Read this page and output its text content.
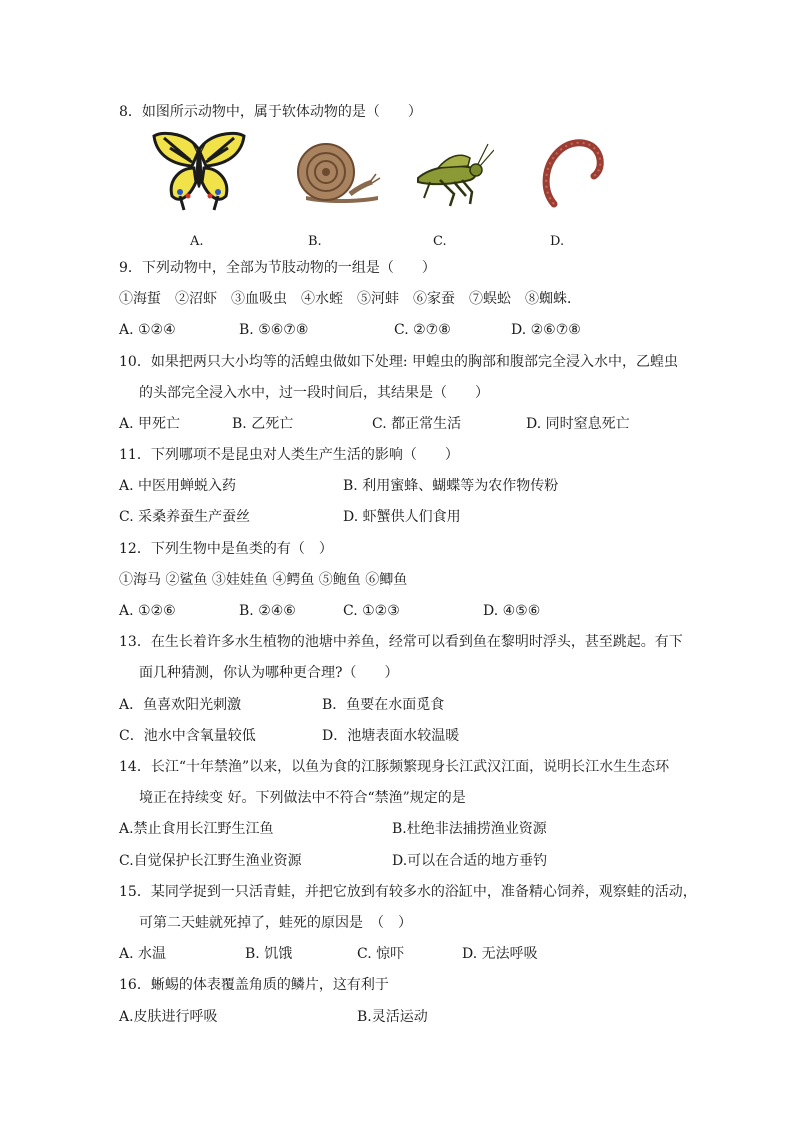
8．如图所示动物中，属于软体动物的是（　　）
A.	B.	C.	D.
9．下列动物中，全部为节肢动物的一组是（　　）
①海蜇　②沼虾　③血吸虫　④水蛭　⑤河蚌　⑥家蚕　⑦蜈蚣　⑧蜘蛛．
A. ①②④	B. ⑤⑥⑦⑧	C. ②⑦⑧	D. ②⑥⑦⑧
10．如果把两只大小均等的活蝗虫做如下处理: 甲蝗虫的胸部和腹部完全浸入水中，乙蝗虫
的头部完全浸入水中，过一段时间后，其结果是（　　）
A. 甲死亡	B. 乙死亡	C. 都正常生活	D. 同时窒息死亡
11．下列哪项不是昆虫对人类生产生活的影响（　　）
A. 中医用蝉蜕入药	B. 利用蜜蜂、蝴蝶等为农作物传粉
C. 采桑养蚕生产蚕丝	D. 虾蟹供人们食用
12．下列生物中是鱼类的有（　）
①海马 ②鲨鱼 ③娃娃鱼 ④鳄鱼 ⑤鲍鱼 ⑥鲫鱼
A. ①②⑥	B. ②④⑥	C. ①②③	D. ④⑤⑥
13．在生长着许多水生植物的池塘中养鱼，经常可以看到鱼在黎明时浮头，甚至跳起。有下
面几种猜测，你认为哪种更合理?（　　）
A．鱼喜欢阳光刺激	B．鱼要在水面觅食
C．池水中含氧量较低	D．池塘表面水较温暖
14．长江“十年禁渔”以来，以鱼为食的江豚频繁现身长江武汉江面，说明长江水生生态环
境正在持续变 好。下列做法中不符合“禁渔”规定的是
A.禁止食用长江野生江鱼	B.杜绝非法捕捞渔业资源
C.自觉保护长江野生渔业资源	D.可以在合适的地方垂钓
15．某同学捉到一只活青蛙，并把它放到有较多水的浴缸中，准备精心饲养，观察蛙的活动，
可第二天蛙就死掉了，蛙死的原因是　（　）
A. 水温	B. 饥饿	C. 惊吓	D. 无法呼吸
16．蜥蜴的体表覆盖角质的鳞片，这有利于
A.皮肤进行呼吸	B.灵活运动
